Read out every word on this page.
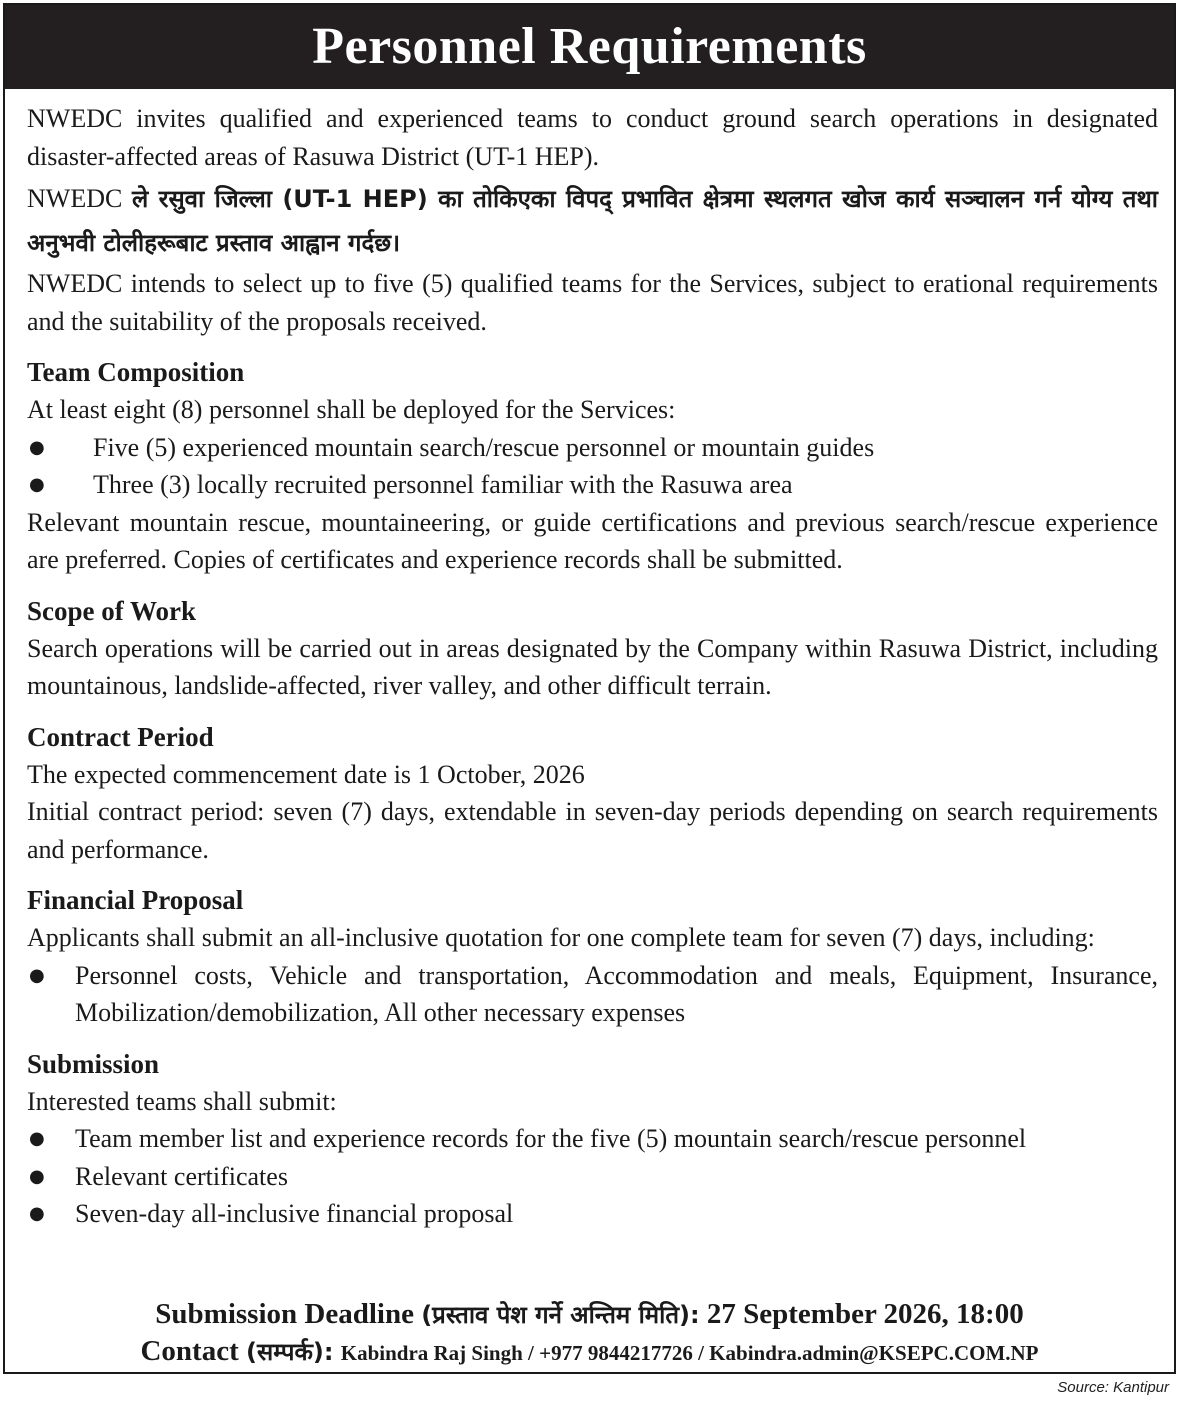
Personnel Requirements

NWEDC invites qualified and experienced teams to conduct ground search operations in designated disaster-affected areas of Rasuwa District (UT-1 HEP).

NWEDC ले रसुवा जिल्ला (UT-1 HEP) का तोकिएका विपद् प्रभावित क्षेत्रमा स्थलगत खोज कार्य सञ्चालन गर्न योग्य तथा अनुभवी टोलीहरूबाट प्रस्ताव आह्वान गर्दछ।

NWEDC intends to select up to five (5) qualified teams for the Services, subject to erational requirements and the suitability of the proposals received.

Team Composition

At least eight (8) personnel shall be deployed for the Services:

● Five (5) experienced mountain search/rescue personnel or mountain guides

● Three (3) locally recruited personnel familiar with the Rasuwa area

Relevant mountain rescue, mountaineering, or guide certifications and previous search/rescue experience are preferred. Copies of certificates and experience records shall be submitted.

Scope of Work

Search operations will be carried out in areas designated by the Company within Rasuwa District, including mountainous, landslide-affected, river valley, and other difficult terrain.

Contract Period

The expected commencement date is 1 October, 2026

Initial contract period: seven (7) days, extendable in seven-day periods depending on search requirements and performance.

Financial Proposal

Applicants shall submit an all-inclusive quotation for one complete team for seven (7) days, including:

● Personnel costs, Vehicle and transportation, Accommodation and meals, Equipment, Insurance, Mobilization/demobilization, All other necessary expenses

Submission

Interested teams shall submit:

● Team member list and experience records for the five (5) mountain search/rescue personnel

● Relevant certificates

● Seven-day all-inclusive financial proposal

Submission Deadline (प्रस्ताव पेश गर्ने अन्तिम मिति): 27 September 2026, 18:00
Contact (सम्पर्क): Kabindra Raj Singh / +977 9844217726 / Kabindra.admin@KSEPC.COM.NP
Source: Kantipur
